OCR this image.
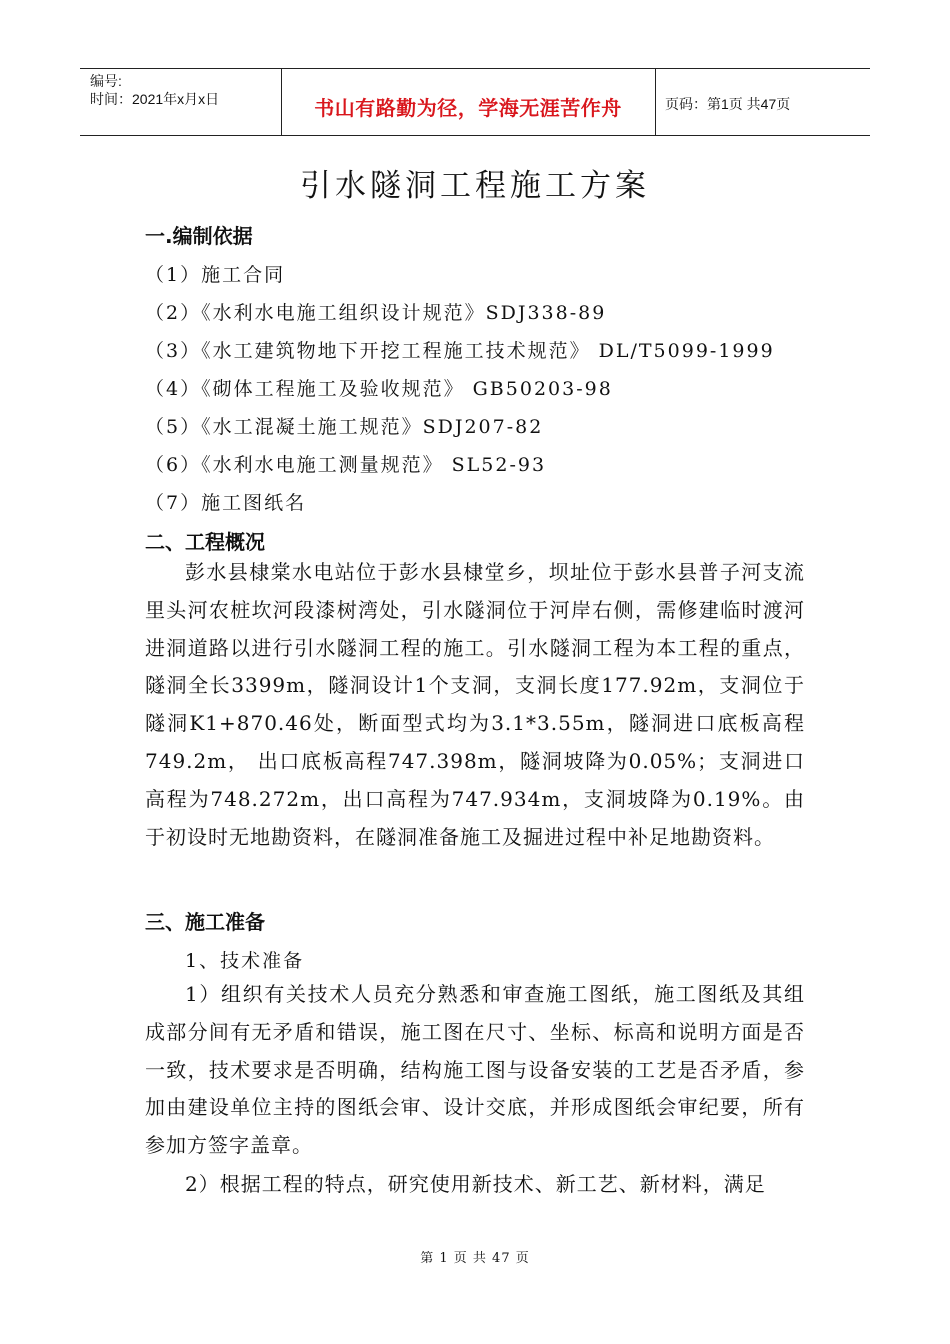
编号:
时间：2021年x月x日	书山有路勤为径，学海无涯苦作舟	页码：第1页 共47页
引水隧洞工程施工方案
一.编制依据
（1）施工合同
（2）《水利水电施工组织设计规范》SDJ338-89
（3）《水工建筑物地下开挖工程施工技术规范》 DL/T5099-1999
（4）《砌体工程施工及验收规范》 GB50203-98
（5）《水工混凝土施工规范》SDJ207-82
（6）《水利水电施工测量规范》 SL52-93
（7）施工图纸名
二、工程概况
彭水县棣棠水电站位于彭水县棣堂乡，坝址位于彭水县普子河支流里头河农桩坎河段漆树湾处，引水隧洞位于河岸右侧，需修建临时渡河进洞道路以进行引水隧洞工程的施工。引水隧洞工程为本工程的重点，隧洞全长3399m，隧洞设计1个支洞，支洞长度177.92m，支洞位于隧洞K1+870.46处，断面型式均为3.1*3.55m，隧洞进口底板高程749.2m， 出口底板高程747.398m，隧洞坡降为0.05%；支洞进口高程为748.272m，出口高程为747.934m，支洞坡降为0.19%。由于初设时无地勘资料，在隧洞准备施工及掘进过程中补足地勘资料。
三、施工准备
1、技术准备
1）组织有关技术人员充分熟悉和审查施工图纸，施工图纸及其组成部分间有无矛盾和错误，施工图在尺寸、坐标、标高和说明方面是否一致，技术要求是否明确，结构施工图与设备安装的工艺是否矛盾，参加由建设单位主持的图纸会审、设计交底，并形成图纸会审纪要，所有参加方签字盖章。
2）根据工程的特点，研究使用新技术、新工艺、新材料，满足
第 1 页 共 47 页
